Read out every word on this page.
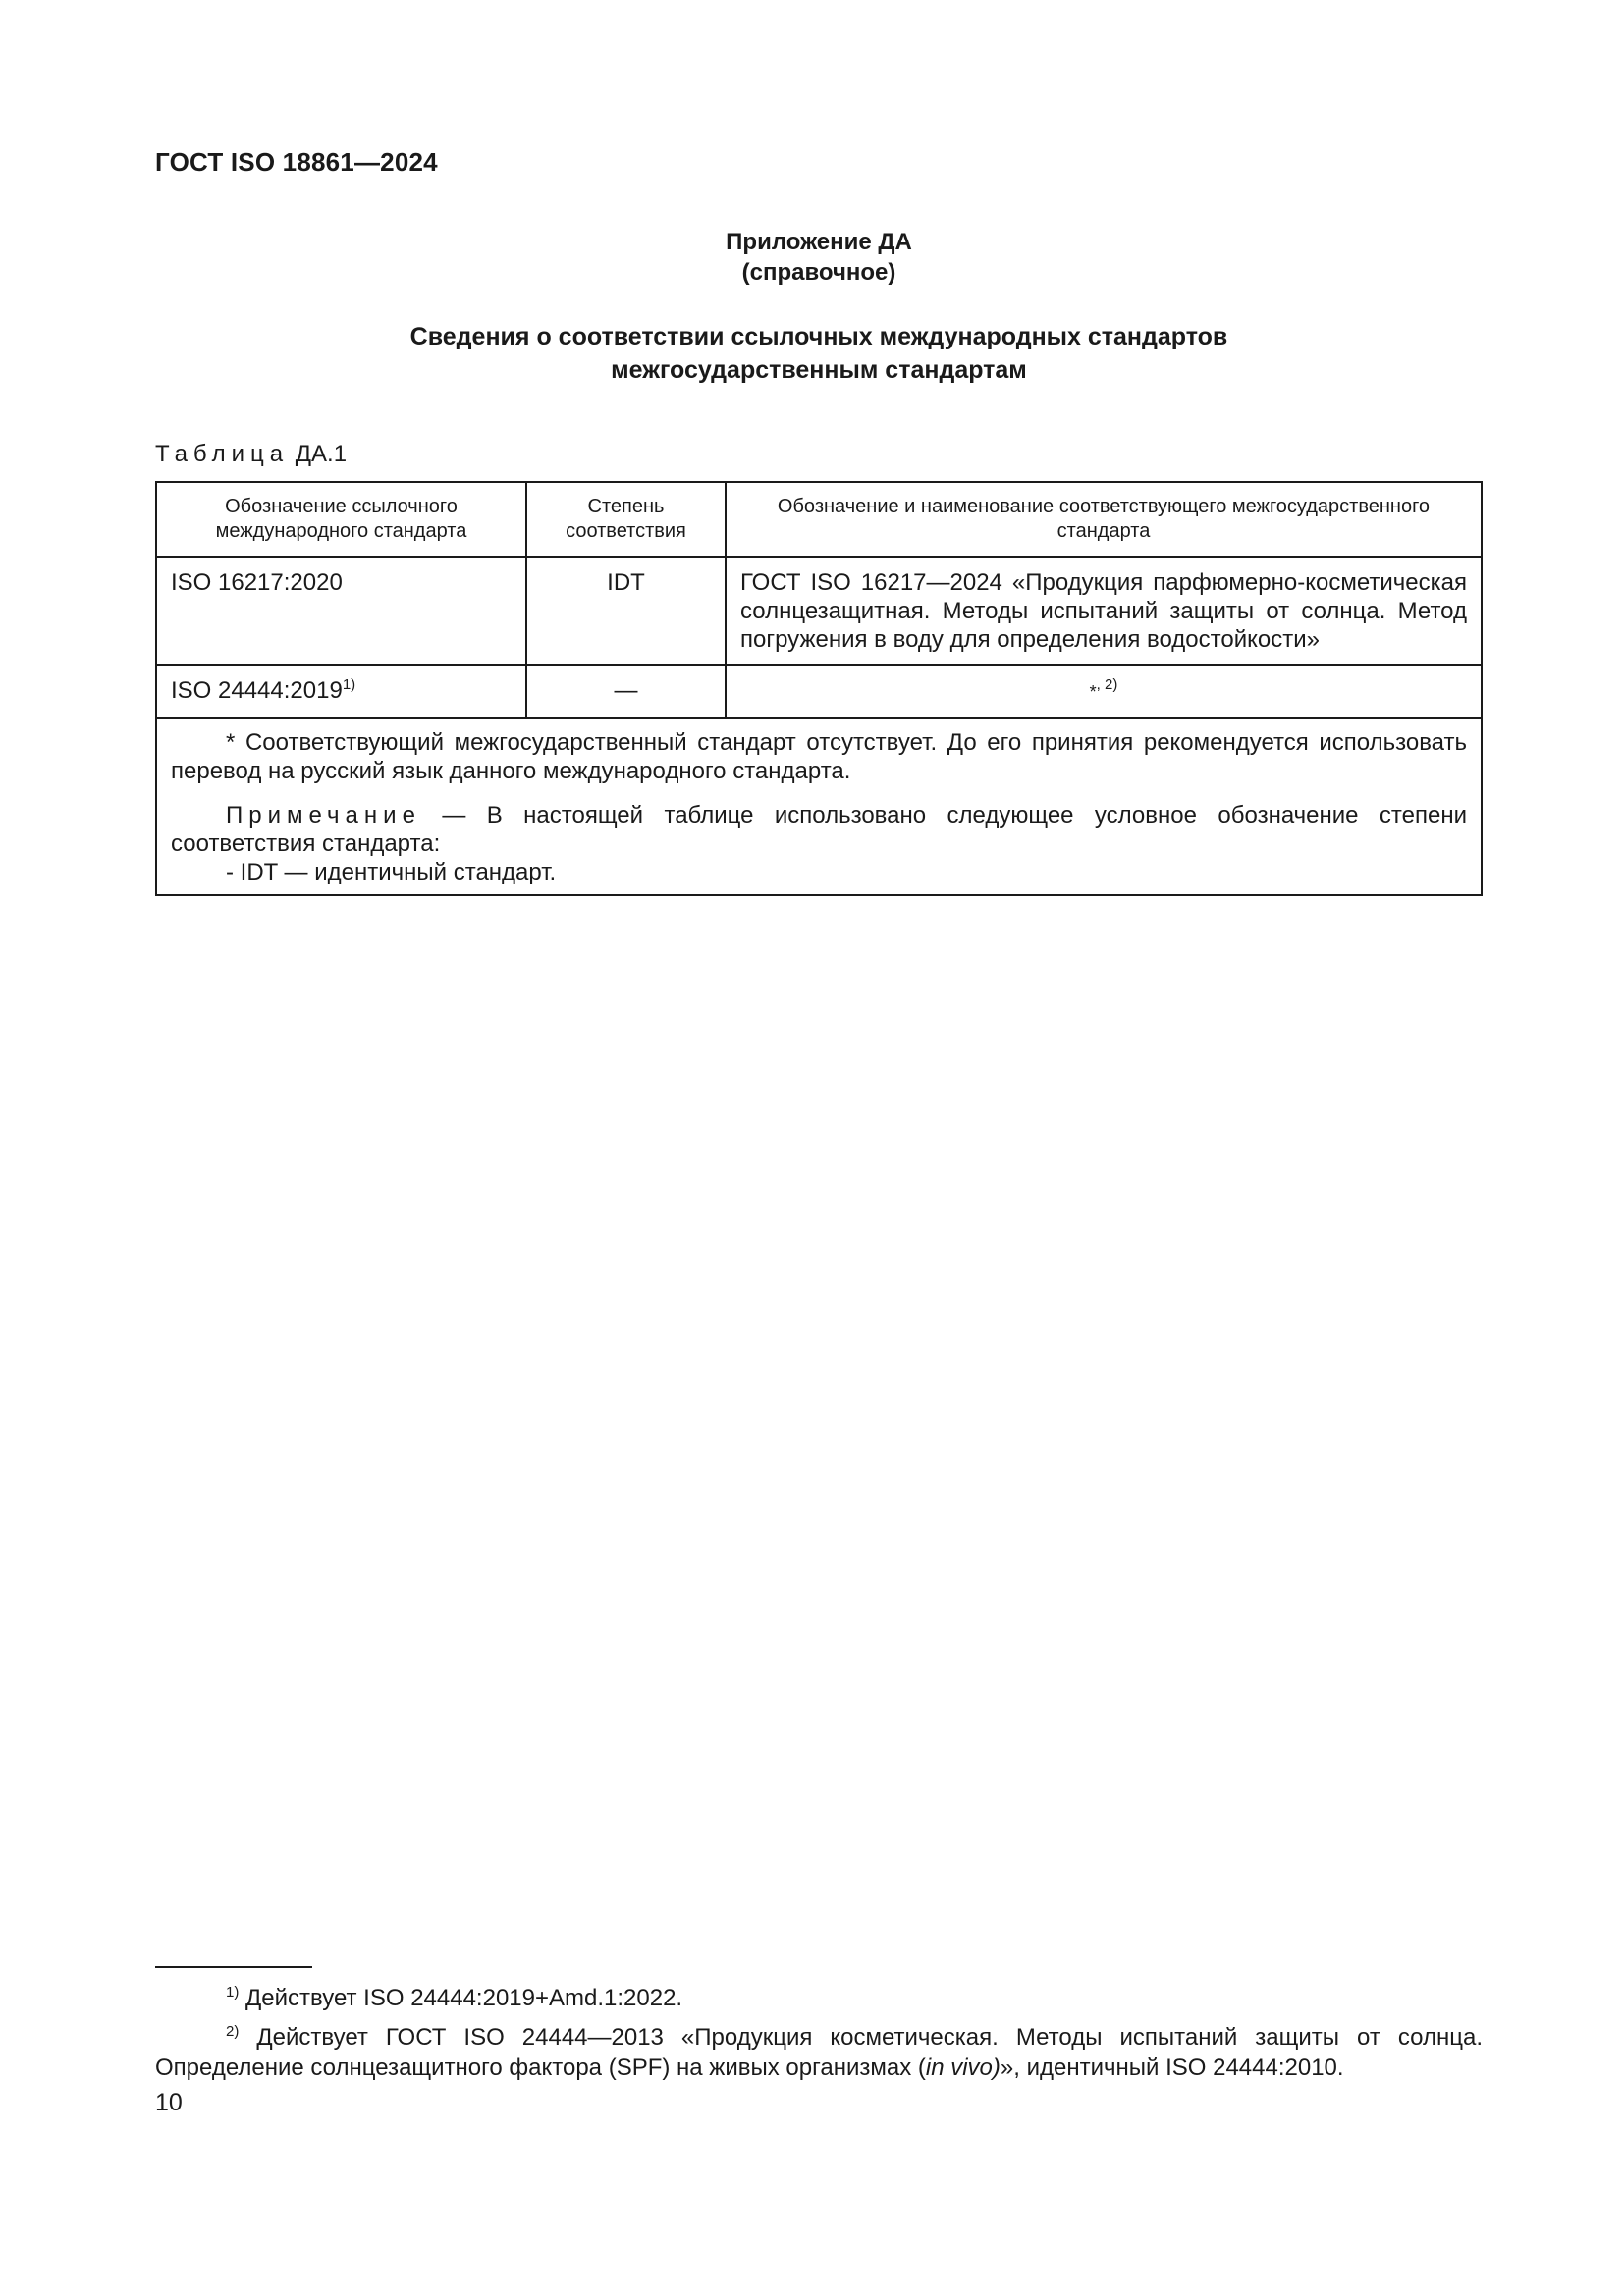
ГОСТ ISO 18861—2024
Приложение ДА
(справочное)
Сведения о соответствии ссылочных международных стандартов
межгосударственным стандартам
Таблица ДА.1
Обозначение ссылочного международного стандарта	Степень соответствия	Обозначение и наименование соответствующего межгосударственного стандарта
ISO 16217:2020	IDT	ГОСТ ISO 16217—2024 «Продукция парфюмерно-косметическая солнцезащитная. Методы испытаний защиты от солнца. Метод погружения в воду для определения водостойкости»
ISO 24444:2019$^{1)}$	—	*$^{, 2)}$

* Соответствующий межгосударственный стандарт отсутствует. До его принятия рекомендуется использовать перевод на русский язык данного международного стандарта.

Примечание — В настоящей таблице использовано следующее условное обозначение степени соответствия стандарта:

- IDT — идентичный стандарт.		

$^{1)}$ Действует ISO 24444:2019+Amd.1:2022.

$^{2)}$ Действует ГОСТ ISO 24444—2013 «Продукция косметическая. Методы испытаний защиты от солнца. Определение солнцезащитного фактора (SPF) на живых организмах (in vivo)», идентичный ISO 24444:2010.

10
